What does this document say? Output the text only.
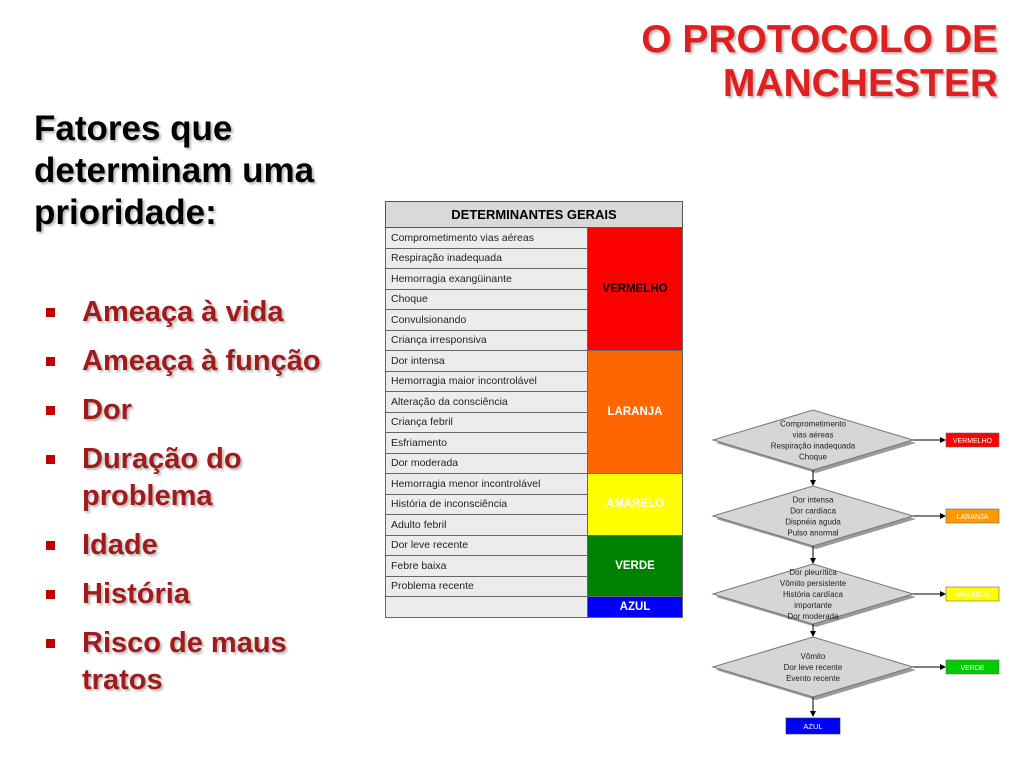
O PROTOCOLO DE MANCHESTER
Fatores que determinam uma prioridade:
Ameaça à vida
Ameaça à função
Dor
Duração do problema
Idade
História
Risco de maus tratos
DETERMINANTES GERAIS	
Comprometimento vias aéreas	VERMELHO
Respiração inadequada	
Hemorragia exangüinante	
Choque	
Convulsionando	
Criança irresponsiva	
Dor intensa	LARANJA
Hemorragia maior incontrolável	
Alteração da consciência	
Criança febril	
Esfriamento	
Dor moderada	
Hemorragia menor incontrolável	AMARELO
História de inconsciência	
Adulto febril	
Dor leve recente	VERDE
Febre baixa	
Problema recente	
	AZUL
Comprometimento
vias aéreas
Respiração inadequada
Choque
VERMELHO
Dor intensa
Dor cardíaca
Dispnéia aguda
Pulso anormal
LARANJA
Dor pleurítica
Vômito persistente
História cardíaca
importante
Dor moderada
AMARELO
Vômito
Dor leve recente
Evento recente
VERDE
AZUL
